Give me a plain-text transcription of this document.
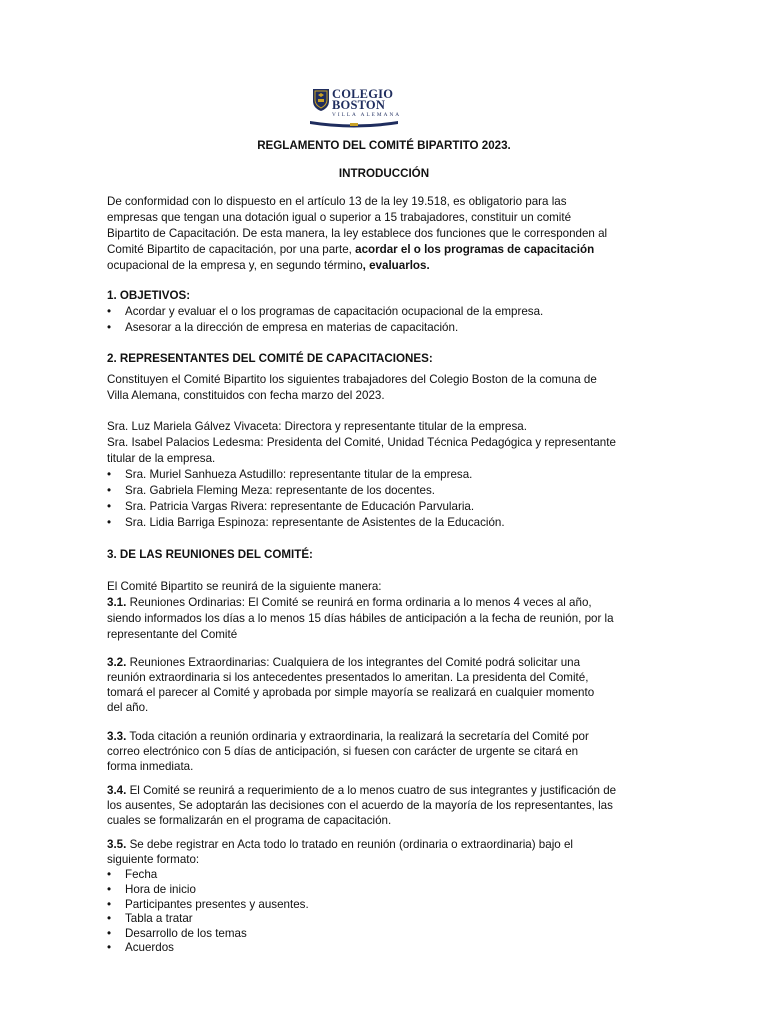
COLEGIO
BOSTON
VILLA ALEMANA
REGLAMENTO DEL COMITÉ BIPARTITO 2023.
INTRODUCCIÓN
De conformidad con lo dispuesto en el artículo 13 de la ley 19.518, es obligatorio para las
empresas que tengan una dotación igual o superior a 15 trabajadores, constituir un comité
Bipartito de Capacitación. De esta manera, la ley establece dos funciones que le corresponden al
Comité Bipartito de capacitación, por una parte, acordar el o los programas de capacitación
ocupacional de la empresa y, en segundo término, evaluarlos.
1. OBJETIVOS:
• Acordar y evaluar el o los programas de capacitación ocupacional de la empresa.
• Asesorar a la dirección de empresa en materias de capacitación.
2. REPRESENTANTES DEL COMITÉ DE CAPACITACIONES:
Constituyen el Comité Bipartito los siguientes trabajadores del Colegio Boston de la comuna de
Villa Alemana, constituidos con fecha marzo del 2023.
Sra. Luz Mariela Gálvez Vivaceta: Directora y representante titular de la empresa.
Sra. Isabel Palacios Ledesma: Presidenta del Comité, Unidad Técnica Pedagógica y representante
titular de la empresa.
• Sra. Muriel Sanhueza Astudillo: representante titular de la empresa.
• Sra. Gabriela Fleming Meza: representante de los docentes.
• Sra. Patricia Vargas Rivera: representante de Educación Parvularia.
• Sra. Lidia Barriga Espinoza: representante de Asistentes de la Educación.
3. DE LAS REUNIONES DEL COMITÉ:
El Comité Bipartito se reunirá de la siguiente manera:
3.1. Reuniones Ordinarias: El Comité se reunirá en forma ordinaria a lo menos 4 veces al año,
siendo informados los días a lo menos 15 días hábiles de anticipación a la fecha de reunión, por la
representante del Comité
3.2. Reuniones Extraordinarias: Cualquiera de los integrantes del Comité podrá solicitar una
reunión extraordinaria si los antecedentes presentados lo ameritan. La presidenta del Comité,
tomará el parecer al Comité y aprobada por simple mayoría se realizará en cualquier momento
del año.
3.3. Toda citación a reunión ordinaria y extraordinaria, la realizará la secretaría del Comité por
correo electrónico con 5 días de anticipación, si fuesen con carácter de urgente se citará en
forma inmediata.
3.4. El Comité se reunirá a requerimiento de a lo menos cuatro de sus integrantes y justificación de
los ausentes, Se adoptarán las decisiones con el acuerdo de la mayoría de los representantes, las
cuales se formalizarán en el programa de capacitación.
3.5. Se debe registrar en Acta todo lo tratado en reunión (ordinaria o extraordinaria) bajo el
siguiente formato:
• Fecha
• Hora de inicio
• Participantes presentes y ausentes.
• Tabla a tratar
• Desarrollo de los temas
• Acuerdos
